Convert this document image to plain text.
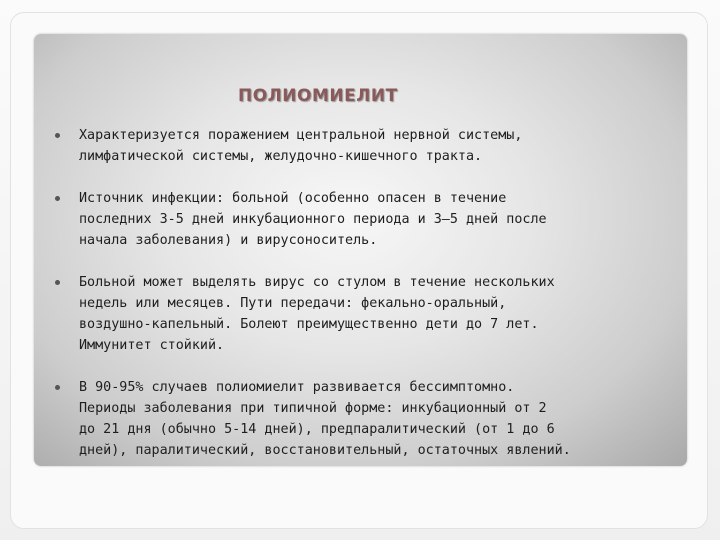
ПОЛИОМИЕЛИТ
Характеризуется поражением центральной нервной системы,
лимфатической системы, желудочно-кишечного тракта.
Источник инфекции: больной (особенно опасен в течение
последних 3-5 дней инкубационного периода и 3—5 дней после
начала заболевания) и вирусоноситель.
Больной может выделять вирус со стулом в течение нескольких
недель или месяцев. Пути передачи: фекально-оральный,
воздушно-капельный. Болеют преимущественно дети до 7 лет.
Иммунитет стойкий.
В 90-95% случаев полиомиелит развивается бессимптомно.
Периоды заболевания при типичной форме: инкубационный от 2
до 21 дня (обычно 5-14 дней), предпаралитический (от 1 до 6
дней), паралитический, восстановительный, остаточных явлений.
